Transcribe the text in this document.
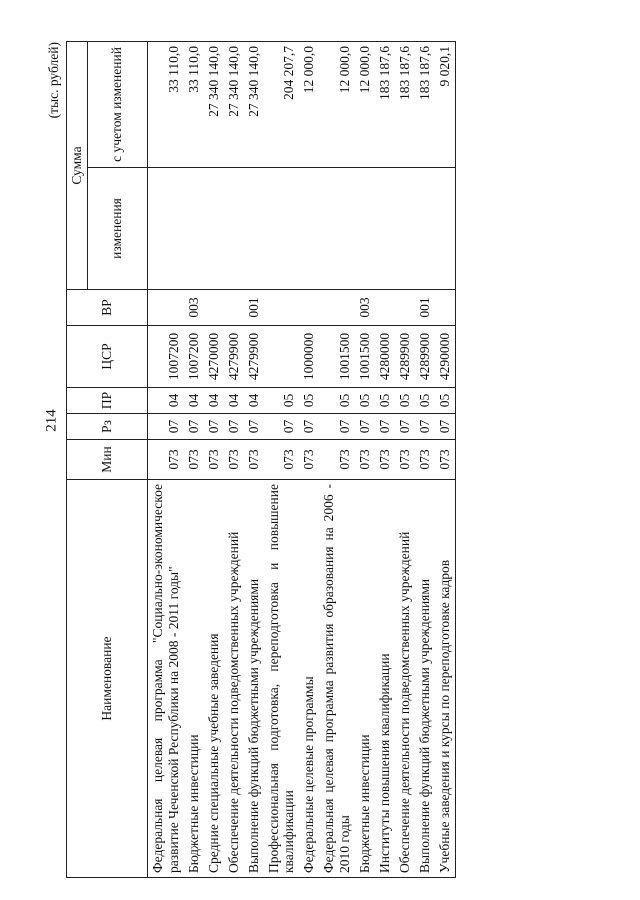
214
(тыс. рублей)
Наименование	Мин	Рз	ПР	ЦСР	ВР	Сумма	
						изменения	с учетом изменений
Федеральная целевая программа "Социально-экономическое развитие Чеченской Республики на 2008 - 2011 годы"	073	07	04	1007200			33 110,0
Бюджетные инвестиции	073	07	04	1007200	003		33 110,0
Средние специальные учебные заведения	073	07	04	4270000			27 340 140,0
Обеспечение деятельности подведомственных учреждений	073	07	04	4279900			27 340 140,0
Выполнение функций бюджетными учреждениями	073	07	04	4279900	001		27 340 140,0
Профессиональная подготовка, переподготовка и повышение квалификации	073	07	05				204 207,7
Федеральные целевые программы	073	07	05	1000000			12 000,0
Федеральная целевая программа развития образования на 2006 - 2010 годы	073	07	05	1001500			12 000,0
Бюджетные инвестиции	073	07	05	1001500	003		12 000,0
Институты повышения квалификации	073	07	05	4280000			183 187,6
Обеспечение деятельности подведомственных учреждений	073	07	05	4289900			183 187,6
Выполнение функций бюджетными учреждениями	073	07	05	4289900	001		183 187,6
Учебные заведения и курсы по переподготовке кадров	073	07	05	4290000			9 020,1
